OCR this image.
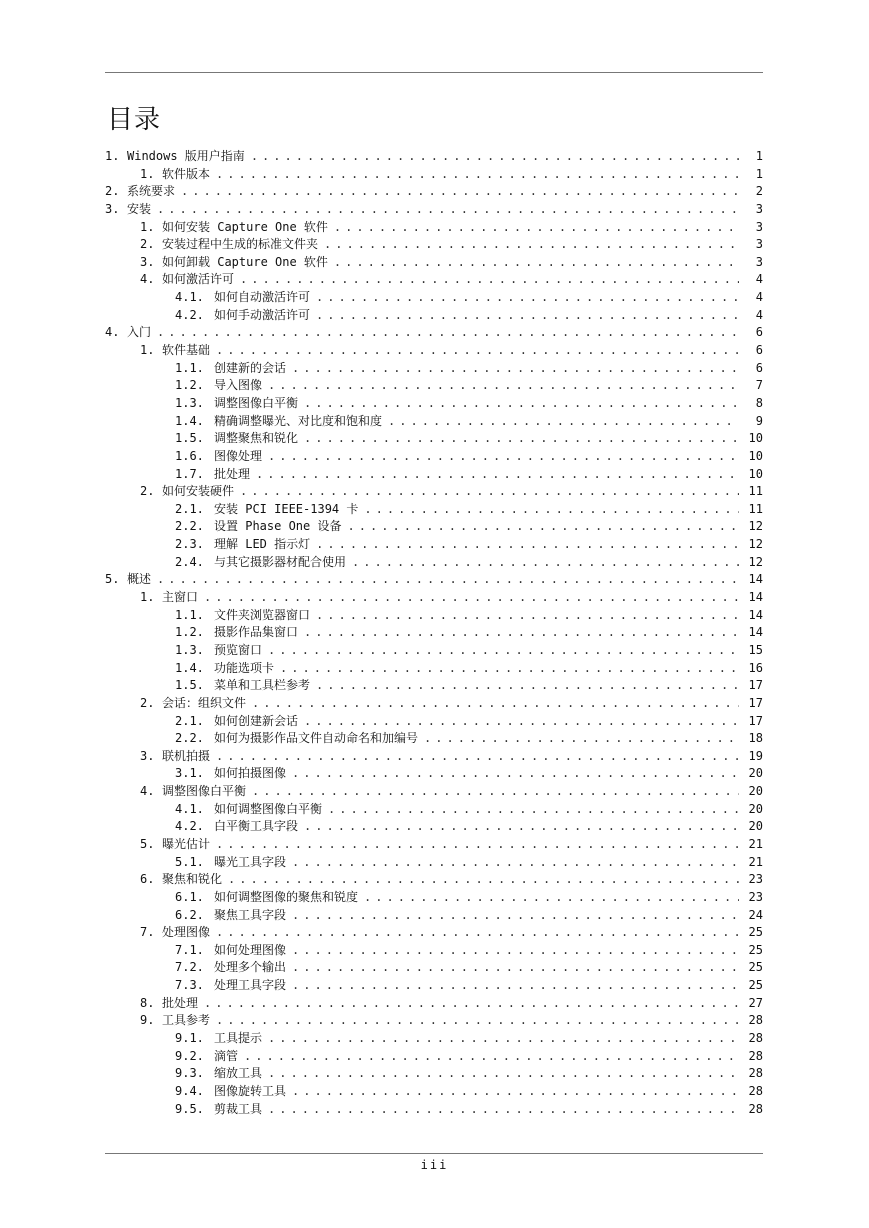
目录
1. Windows 版用户指南 . . .	1
1. 软件版本 . . .	1
2. 系统要求 . . .	2
3. 安装 . . .	3
1. 如何安装 Capture One 软件 . . .	3
2. 安装过程中生成的标准文件夹 . . .	3
3. 如何卸载 Capture One 软件 . . .	3
4. 如何激活许可 . . .	4
4.1. 如何自动激活许可 . . .	4
4.2. 如何手动激活许可 . . .	4
4. 入门 . . .	6
1. 软件基础 . . .	6
1.1. 创建新的会话 . . .	6
1.2. 导入图像 . . .	7
1.3. 调整图像白平衡 . . .	8
1.4. 精确调整曝光、对比度和饱和度 . . .	9
1.5. 调整聚焦和锐化 . . .	10
1.6. 图像处理 . . .	10
1.7. 批处理 . . .	10
2. 如何安装硬件 . . .	11
2.1. 安装 PCI IEEE-1394 卡 . . .	11
2.2. 设置 Phase One 设备 . . .	12
2.3. 理解 LED 指示灯 . . .	12
2.4. 与其它摄影器材配合使用 . . .	12
5. 概述 . . .	14
1. 主窗口 . . .	14
1.1. 文件夹浏览器窗口 . . .	14
1.2. 摄影作品集窗口 . . .	14
1.3. 预览窗口 . . .	15
1.4. 功能选项卡 . . .	16
1.5. 菜单和工具栏参考 . . .	17
2. 会话：组织文件 . . .	17
2.1. 如何创建新会话 . . .	17
2.2. 如何为摄影作品文件自动命名和加编号 . . .	18
3. 联机拍摄 . . .	19
3.1. 如何拍摄图像 . . .	20
4. 调整图像白平衡 . . .	20
4.1. 如何调整图像白平衡 . . .	20
4.2. 白平衡工具字段 . . .	20
5. 曝光估计 . . .	21
5.1. 曝光工具字段 . . .	21
6. 聚焦和锐化 . . .	23
6.1. 如何调整图像的聚焦和锐度 . . .	23
6.2. 聚焦工具字段 . . .	24
7. 处理图像 . . .	25
7.1. 如何处理图像 . . .	25
7.2. 处理多个输出 . . .	25
7.3. 处理工具字段 . . .	25
8. 批处理 . . .	27
9. 工具参考 . . .	28
9.1. 工具提示 . . .	28
9.2. 滴管 . . .	28
9.3. 缩放工具 . . .	28
9.4. 图像旋转工具 . . .	28
9.5. 剪裁工具 . . .	28
iii
